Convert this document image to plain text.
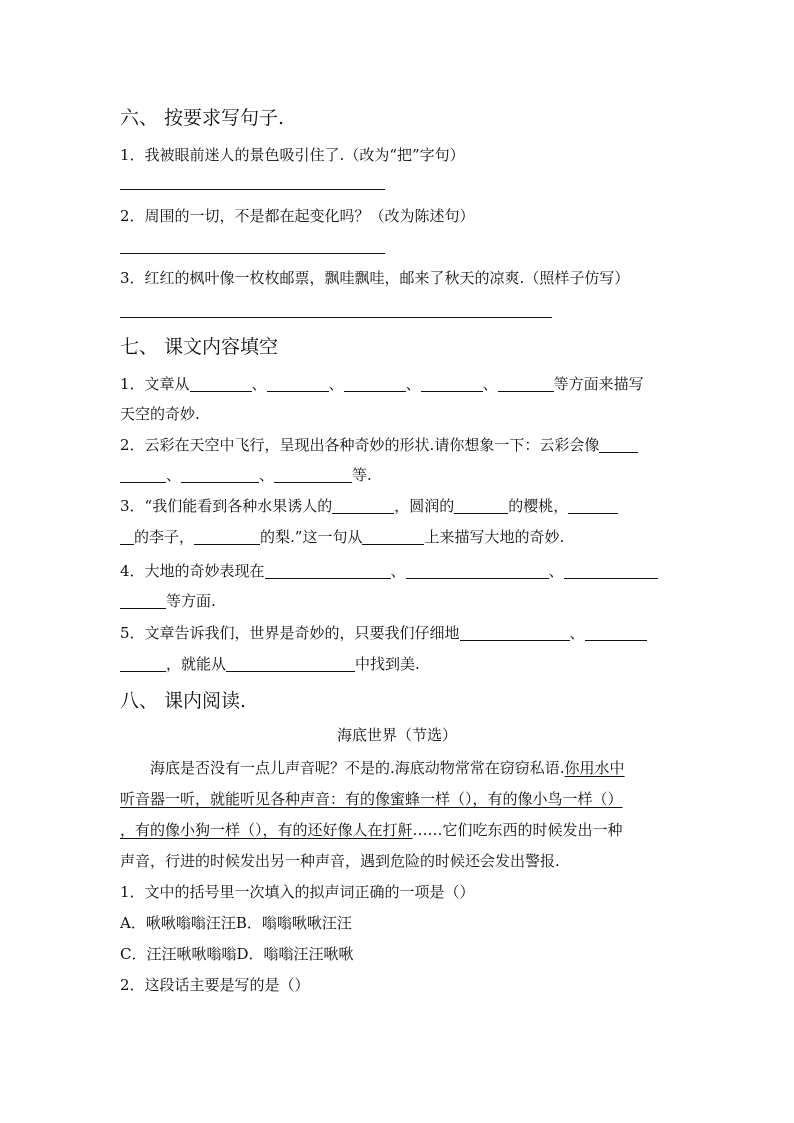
六、 按要求写句子.
1．我被眼前迷人的景色吸引住了.（改为“把”字句）
2．周围的一切，不是都在起变化吗？（改为陈述句）
3．红红的枫叶像一枚枚邮票，飘哇飘哇，邮来了秋天的凉爽.（照样子仿写）
七、 课文内容填空
1．文章从	、	、	、	、	等方面来描写
天空的奇妙.
2．云彩在天空中飞行，呈现出各种奇妙的形状.请你想象一下：云彩会像
、	、	等.
3．“我们能看到各种水果诱人的	，圆润的	的樱桃，
的李子，	的梨.”这一句从	上来描写大地的奇妙.
4．大地的奇妙表现在	、	、
等方面.
5．文章告诉我们，世界是奇妙的，只要我们仔细地	、
，就能从	中找到美.
八、 课内阅读.
海底世界（节选）
海底是否没有一点儿声音呢？不是的.海底动物常常在窃窃私语.你用水中
听音器一听，就能听见各种声音：有的像蜜蜂一样（），有的像小鸟一样（）
，有的像小狗一样（），有的还好像人在打鼾……它们吃东西的时候发出一种
声音，行进的时候发出另一种声音，遇到危险的时候还会发出警报.
1．文中的括号里一次填入的拟声词正确的一项是（）
A．啾啾嗡嗡汪汪B．嗡嗡啾啾汪汪
C．汪汪啾啾嗡嗡D．嗡嗡汪汪啾啾
2．这段话主要是写的是（）
